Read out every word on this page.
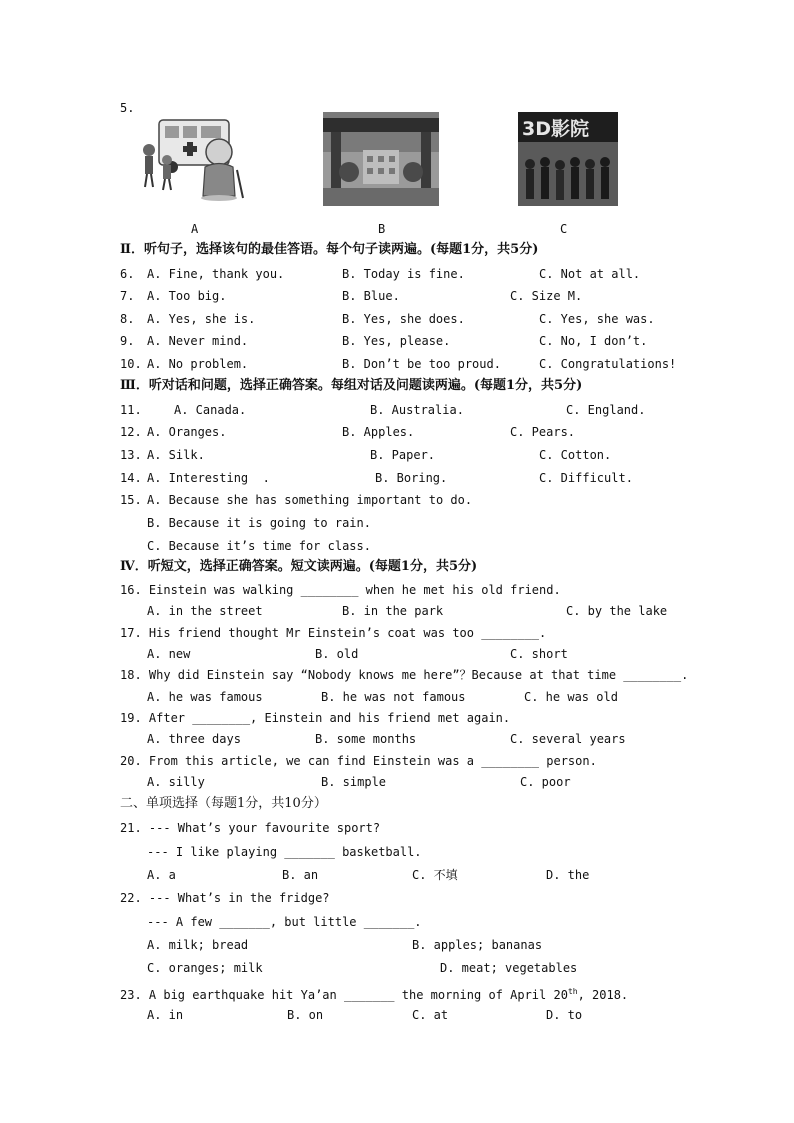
5.
3D影院
A	B	C
Ⅱ．听句子，选择该句的最佳答语。每个句子读两遍。(每题1分，共5分)
6. A. Fine, thank you.	B. Today is fine.	C. Not at all.
7. A. Too big.	B. Blue.	C. Size M.
8. A. Yes, she is.	B. Yes, she does.	C. Yes, she was.
9. A. Never mind.	B. Yes, please.	C. No, I don’t.
10. A. No problem.	B. Don’t be too proud.	C. Congratulations!
Ⅲ．听对话和问题，选择正确答案。每组对话及问题读两遍。(每题1分，共5分)
11.	A. Canada.	B. Australia.	C. England.
12. A. Oranges.	B. Apples.	C. Pears.
13. A. Silk.	B. Paper.	C. Cotton.
14. A. Interesting  .	B. Boring.	C. Difficult.
15. A. Because she has something important to do.
B. Because it is going to rain.
C. Because it’s time for class.
Ⅳ．听短文，选择正确答案。短文读两遍。(每题1分，共5分)
16. Einstein was walking ________ when he met his old friend.
A. in the street	B. in the park	C. by the lake
17. His friend thought Mr Einstein’s coat was too ________.
A. new	B. old	C. short
18. Why did Einstein say “Nobody knows me here”？Because at that time ________.
A. he was famous	B. he was not famous	C. he was old
19. After ________, Einstein and his friend met again.
A. three days	B. some months	C. several years
20. From this article, we can find Einstein was a ________ person.
A. silly	B. simple	C. poor
二、单项选择（每题1分，共10分）
21. --- What’s your favourite sport?
--- I like playing _______ basketball.
A. a	B. an	C. 不填	D. the
22. --- What’s in the fridge?
--- A few _______, but little _______.
A. milk; bread	B. apples; bananas
C. oranges; milk	D. meat; vegetables
23. A big earthquake hit Ya’an _______ the morning of April 20th, 2018.
A. in	B. on	C. at	D. to
